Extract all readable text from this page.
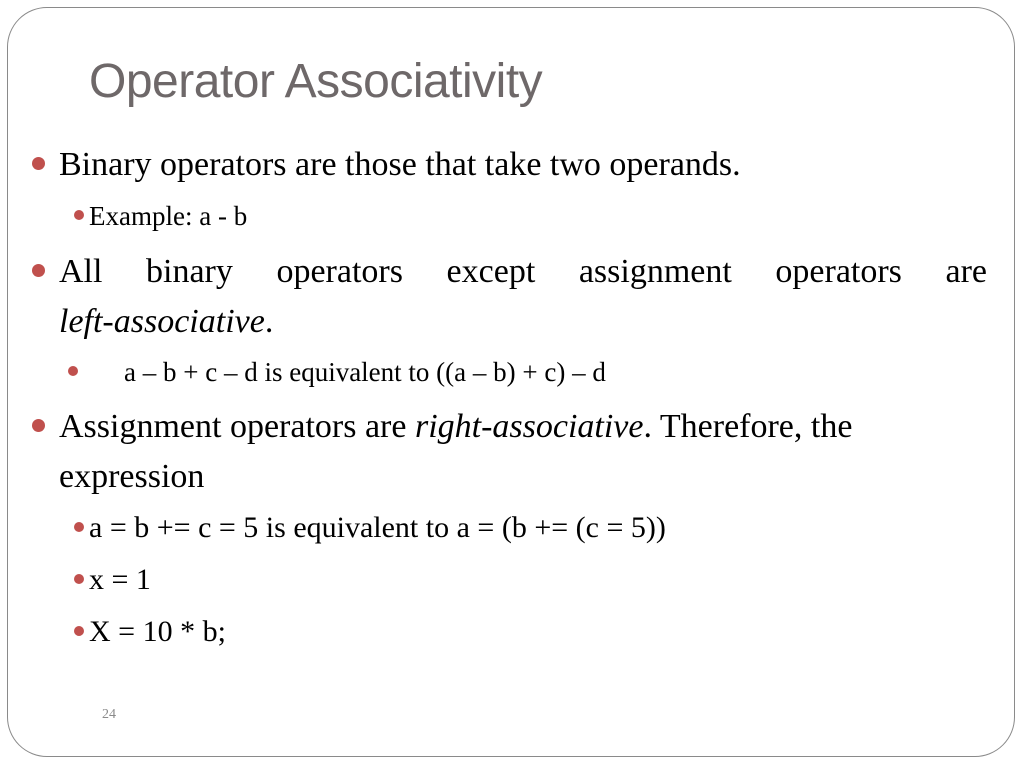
Operator Associativity
Binary operators are those that take two operands.
Example: a - b
All binary operators except assignment operators are
left-associative.
a – b + c – d is equivalent to ((a – b) + c) – d
Assignment operators are right-associative. Therefore, the
expression
a = b += c = 5 is equivalent to a = (b += (c = 5))
x = 1
X = 10 * b;
24
